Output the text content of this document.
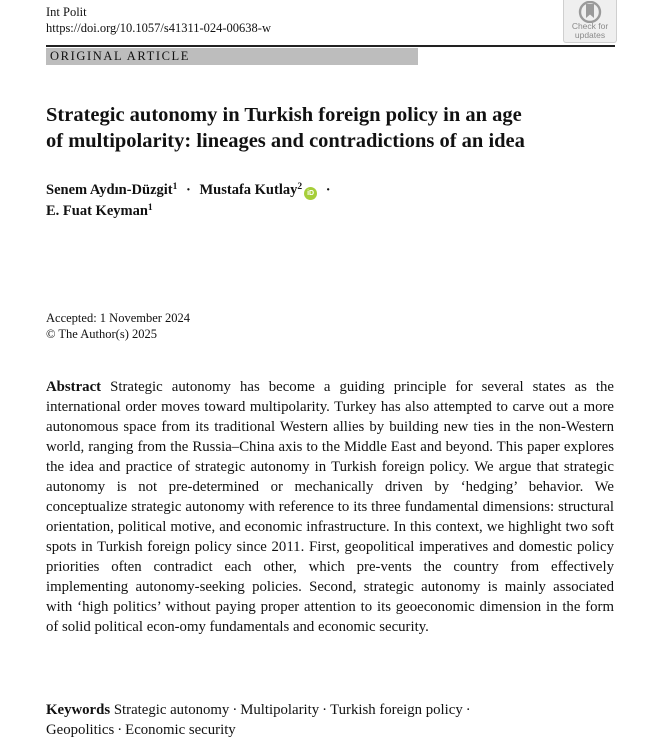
Int Polit
https://doi.org/10.1057/s41311-024-00638-w	Check for updates
ORIGINAL ARTICLE
Strategic autonomy in Turkish foreign policy in an age
of multipolarity: lineages and contradictions of an idea
Senem Aydın-Düzgit$^1$ · Mustafa Kutlay$^2$iD ·
E. Fuat Keyman$^1$
Accepted: 1 November 2024
© The Author(s) 2025

Abstract Strategic autonomy has become a guiding principle for several states as the international order moves toward multipolarity. Turkey has also attempted to carve out a more autonomous space from its traditional Western allies by building new ties in the non-Western world, ranging from the Russia–China axis to the Middle East and beyond. This paper explores the idea and practice of strategic autonomy in Turkish foreign policy. We argue that strategic autonomy is not pre-determined or mechanically driven by ‘hedging’ behavior. We conceptualize strategic autonomy with reference to its three fundamental dimensions: structural orientation, political motive, and economic infrastructure. In this context, we highlight two soft spots in Turkish foreign policy since 2011. First, geopolitical imperatives and domestic policy priorities often contradict each other, which pre-vents the country from effectively implementing autonomy-seeking policies. Second, strategic autonomy is mainly associated with ‘high politics’ without paying proper attention to its geoeconomic dimension in the form of solid political econ-omy fundamentals and economic security.

Keywords Strategic autonomy · Multipolarity · Turkish foreign policy ·
Geopolitics · Economic security
